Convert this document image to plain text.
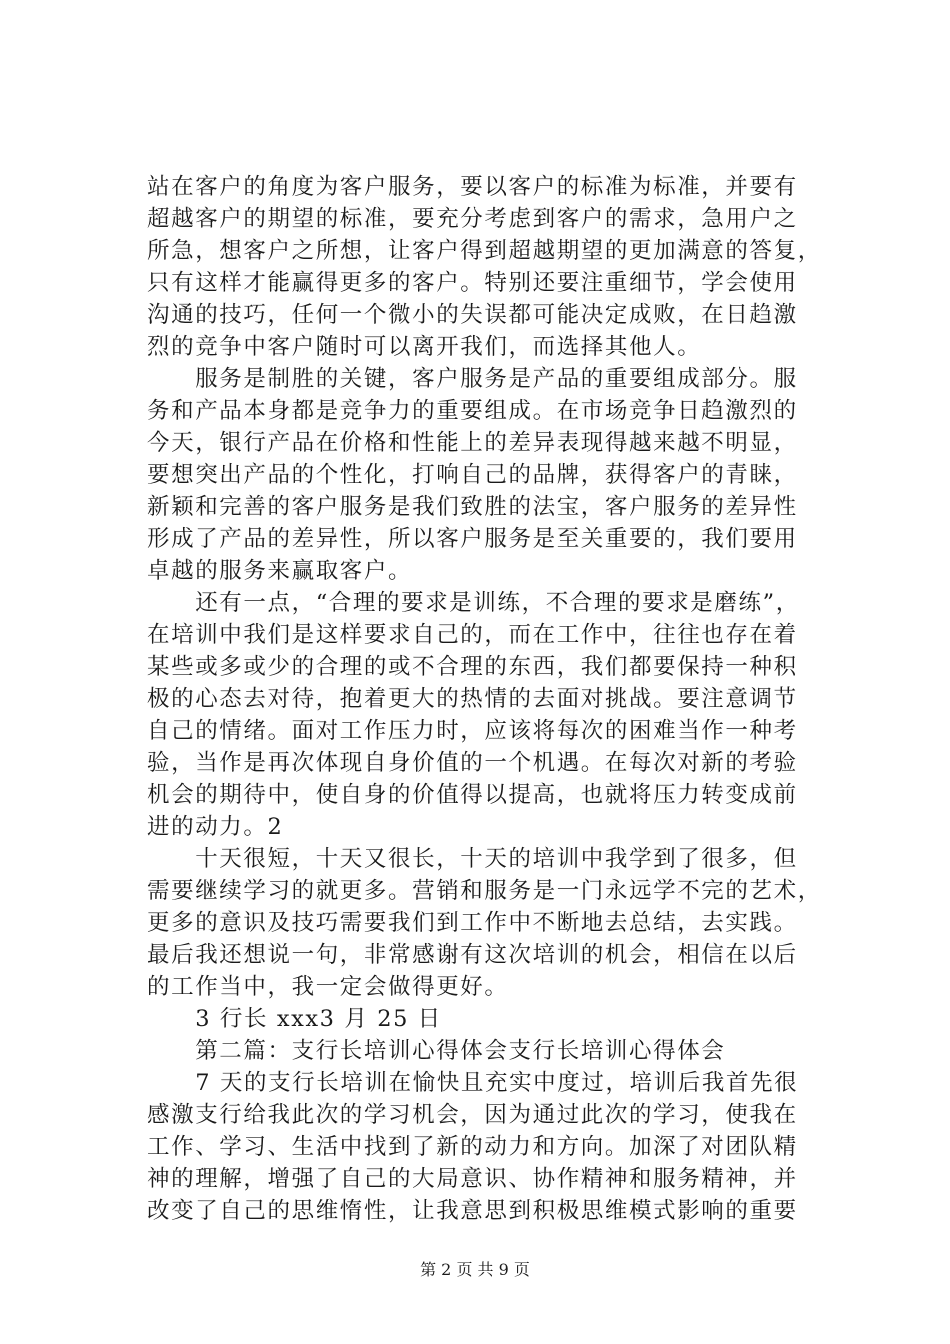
站在客户的角度为客户服务，要以客户的标准为标准，并要有
超越客户的期望的标准，要充分考虑到客户的需求，急用户之
所急，想客户之所想，让客户得到超越期望的更加满意的答复，
只有这样才能赢得更多的客户。特别还要注重细节，学会使用
沟通的技巧，任何一个微小的失误都可能决定成败，在日趋激
烈的竞争中客户随时可以离开我们，而选择其他人。
　　服务是制胜的关键，客户服务是产品的重要组成部分。服
务和产品本身都是竞争力的重要组成。在市场竞争日趋激烈的
今天，银行产品在价格和性能上的差异表现得越来越不明显，
要想突出产品的个性化，打响自己的品牌，获得客户的青睐，
新颖和完善的客户服务是我们致胜的法宝，客户服务的差异性
形成了产品的差异性，所以客户服务是至关重要的，我们要用
卓越的服务来赢取客户。
　　还有一点，“合理的要求是训练，不合理的要求是磨练”，
在培训中我们是这样要求自己的，而在工作中，往往也存在着
某些或多或少的合理的或不合理的东西，我们都要保持一种积
极的心态去对待，抱着更大的热情的去面对挑战。要注意调节
自己的情绪。面对工作压力时，应该将每次的困难当作一种考
验，当作是再次体现自身价值的一个机遇。在每次对新的考验
机会的期待中，使自身的价值得以提高，也就将压力转变成前
进的动力。2
　　十天很短，十天又很长，十天的培训中我学到了很多，但
需要继续学习的就更多。营销和服务是一门永远学不完的艺术，
更多的意识及技巧需要我们到工作中不断地去总结，去实践。
最后我还想说一句，非常感谢有这次培训的机会，相信在以后
的工作当中，我一定会做得更好。
　　3 行长 xxx3 月 25 日
　　第二篇：支行长培训心得体会支行长培训心得体会
　　7 天的支行长培训在愉快且充实中度过，培训后我首先很
感激支行给我此次的学习机会，因为通过此次的学习，使我在
工作、学习、生活中找到了新的动力和方向。加深了对团队精
神的理解，增强了自己的大局意识、协作精神和服务精神，并
改变了自己的思维惰性，让我意思到积极思维模式影响的重要
第 2 页 共 9 页
